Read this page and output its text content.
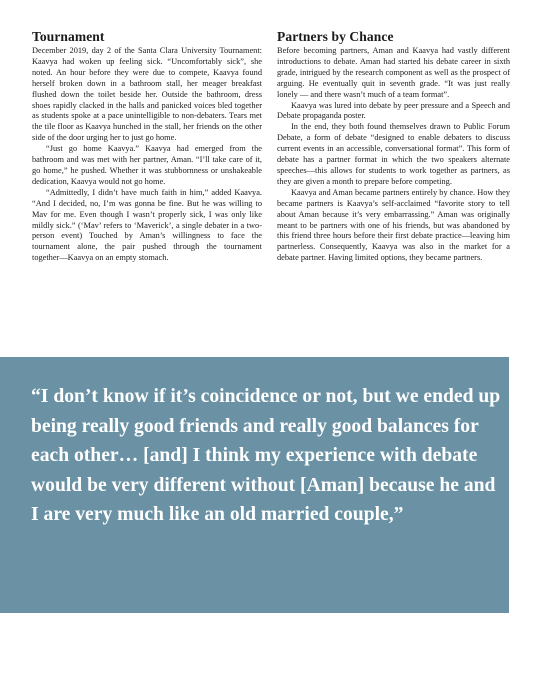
Tournament

December 2019, day 2 of the Santa Clara University Tournament: Kaavya had woken up feeling sick. “Uncomfortably sick”, she noted. An hour before they were due to compete, Kaavya found herself broken down in a bathroom stall, her meager breakfast flushed down the toilet beside her. Outside the bathroom, dress shoes rapidly clacked in the halls and panicked voices bled together as students spoke at a pace unintelligible to non-debaters. Tears met the tile floor as Kaavya hunched in the stall, her friends on the other side of the door urging her to just go home.

“Just go home Kaavya.” Kaavya had emerged from the bathroom and was met with her partner, Aman. “I’ll take care of it, go home,” he pushed. Whether it was stubbornness or unshakeable dedication, Kaavya would not go home.

“Admittedly, I didn’t have much faith in him,” added Kaavya. “And I decided, no, I’m was gonna be fine. But he was willing to Mav for me. Even though I wasn’t properly sick, I was only like mildly sick.” (‘Mav’ refers to ‘Maverick’, a single debater in a two-person event) Touched by Aman’s willingness to face the tournament alone, the pair pushed through the tournament together––Kaavya on an empty stomach.

Partners by Chance

Before becoming partners, Aman and Kaavya had vastly different introductions to debate. Aman had started his debate career in sixth grade, intrigued by the research component as well as the prospect of arguing. He eventually quit in seventh grade. “It was just really lonely –– and there wasn’t much of a team format”.

Kaavya was lured into debate by peer pressure and a Speech and Debate propaganda poster.

In the end, they both found themselves drawn to Public Forum Debate, a form of debate “designed to enable debaters to discuss current events in an accessible, conversational format”. This form of debate has a partner format in which the two speakers alternate speeches––this allows for students to work together as partners, as they are given a month to prepare before competing.

Kaavya and Aman became partners entirely by chance. How they became partners is Kaavya’s self-acclaimed “favorite story to tell about Aman because it’s very embarrassing.” Aman was originally meant to be partners with one of his friends, but was abandoned by this friend three hours before their first debate practice––leaving him partnerless. Consequently, Kaavya was also in the market for a debate partner. Having limited options, they became partners.

“I don’t know if it’s coincidence or not, but we ended up being really good friends and really good balances for each other… [and] I think my experience with debate would be very different without [Aman] because he and I are very much like an old married couple,”
